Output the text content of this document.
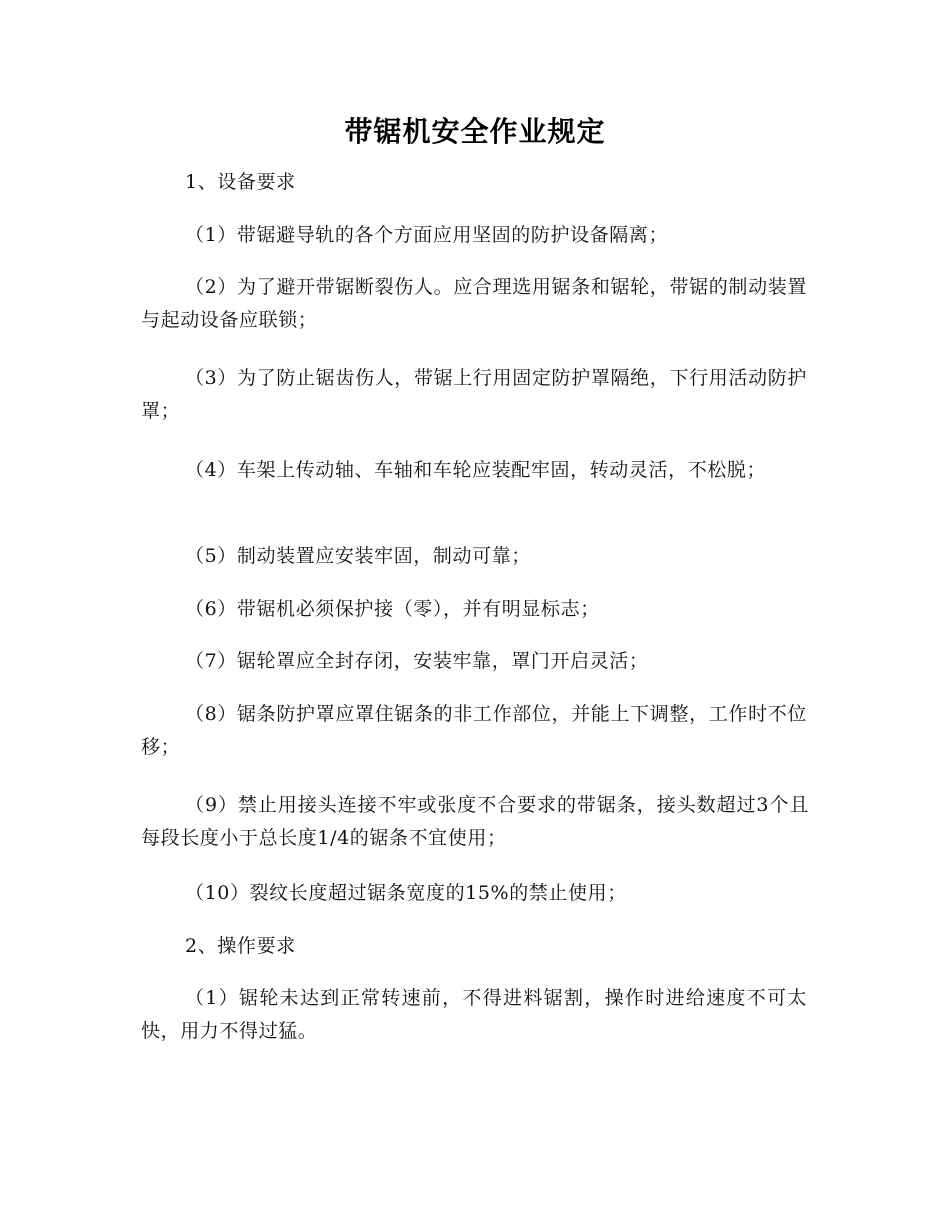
带锯机安全作业规定
1、设备要求
（1）带锯避导轨的各个方面应用坚固的防护设备隔离；
（2）为了避开带锯断裂伤人。应合理选用锯条和锯轮，带锯的制动装置与起动设备应联锁；
（3）为了防止锯齿伤人，带锯上行用固定防护罩隔绝，下行用活动防护罩；
（4）车架上传动轴、车轴和车轮应装配牢固，转动灵活，不松脱；
（5）制动装置应安装牢固，制动可靠；
（6）带锯机必须保护接（零），并有明显标志；
（7）锯轮罩应全封存闭，安装牢靠，罩门开启灵活；
（8）锯条防护罩应罩住锯条的非工作部位，并能上下调整，工作时不位移；
（9）禁止用接头连接不牢或张度不合要求的带锯条，接头数超过3个且每段长度小于总长度1/4的锯条不宜使用；
（10）裂纹长度超过锯条宽度的15%的禁止使用；
2、操作要求
（1）锯轮未达到正常转速前，不得进料锯割，操作时进给速度不可太快，用力不得过猛。
